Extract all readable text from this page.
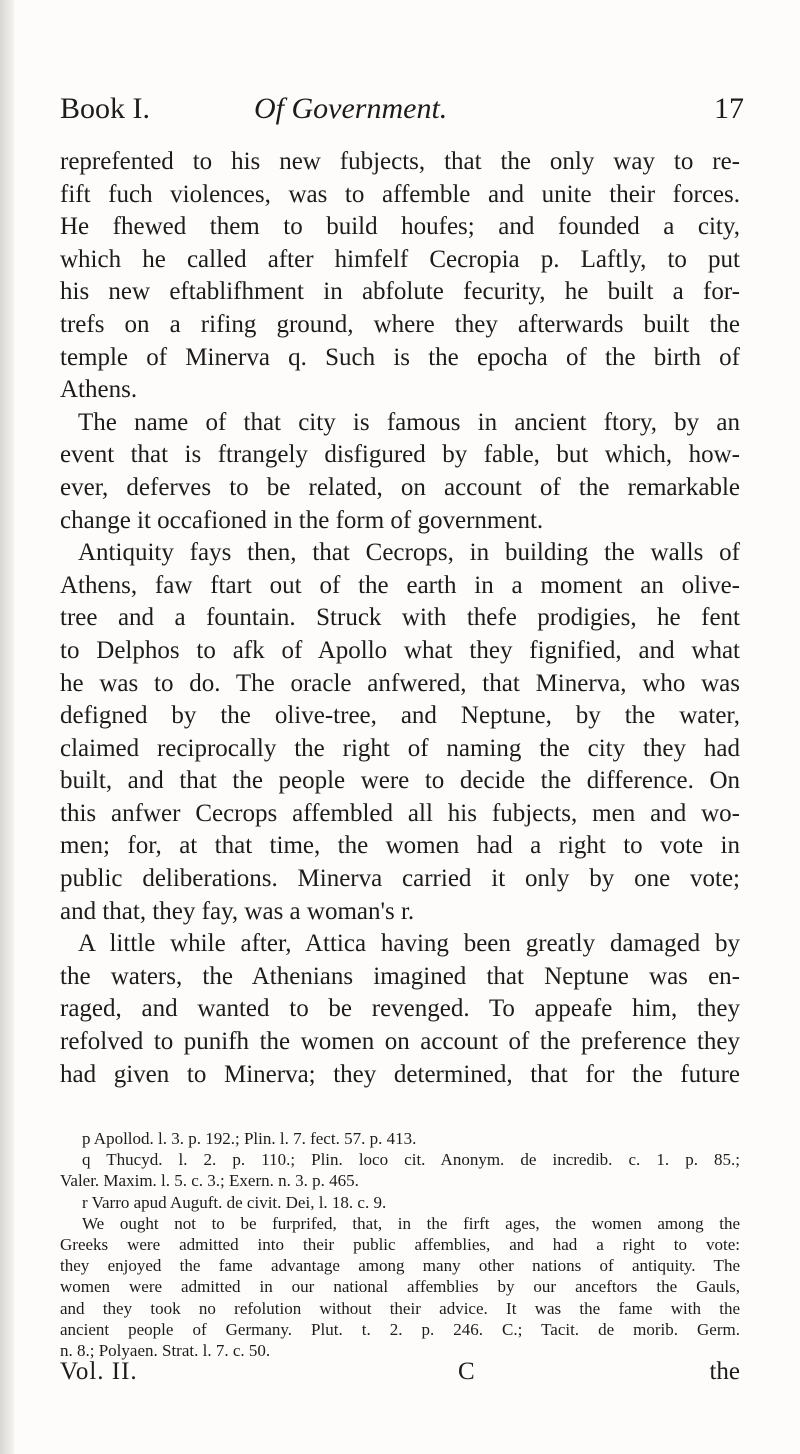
Book I.	Of Government.	17
reprefented to his new fubjects, that the only way to re-
fift fuch violences, was to affemble and unite their forces.
He fhewed them to build houfes; and founded a city,
which he called after himfelf Cecropia p. Laftly, to put
his new eftablifhment in abfolute fecurity, he built a for-
trefs on a rifing ground, where they afterwards built the
temple of Minerva q. Such is the epocha of the birth of
Athens.
The name of that city is famous in ancient ftory, by an
event that is ftrangely disfigured by fable, but which, how-
ever, deferves to be related, on account of the remarkable
change it occafioned in the form of government.
Antiquity fays then, that Cecrops, in building the walls of
Athens, faw ftart out of the earth in a moment an olive-
tree and a fountain. Struck with thefe prodigies, he fent
to Delphos to afk of Apollo what they fignified, and what
he was to do. The oracle anfwered, that Minerva, who was
defigned by the olive-tree, and Neptune, by the water,
claimed reciprocally the right of naming the city they had
built, and that the people were to decide the difference. On
this anfwer Cecrops affembled all his fubjects, men and wo-
men; for, at that time, the women had a right to vote in
public deliberations. Minerva carried it only by one vote;
and that, they fay, was a woman's r.
A little while after, Attica having been greatly damaged by
the waters, the Athenians imagined that Neptune was en-
raged, and wanted to be revenged. To appeafe him, they
refolved to punifh the women on account of the preference they
had given to Minerva; they determined, that for the future
p Apollod. l. 3. p. 192.; Plin. l. 7. fect. 57. p. 413.
q Thucyd. l. 2. p. 110.; Plin. loco cit. Anonym. de incredib. c. 1. p. 85.;
Valer. Maxim. l. 5. c. 3.; Exern. n. 3. p. 465.
r Varro apud Auguft. de civit. Dei, l. 18. c. 9.
We ought not to be furprifed, that, in the firft ages, the women among the
Greeks were admitted into their public affemblies, and had a right to vote:
they enjoyed the fame advantage among many other nations of antiquity. The
women were admitted in our national affemblies by our anceftors the Gauls,
and they took no refolution without their advice. It was the fame with the
ancient people of Germany. Plut. t. 2. p. 246. C.; Tacit. de morib. Germ.
n. 8.; Polyaen. Strat. l. 7. c. 50.
Vol. II.	C	the
